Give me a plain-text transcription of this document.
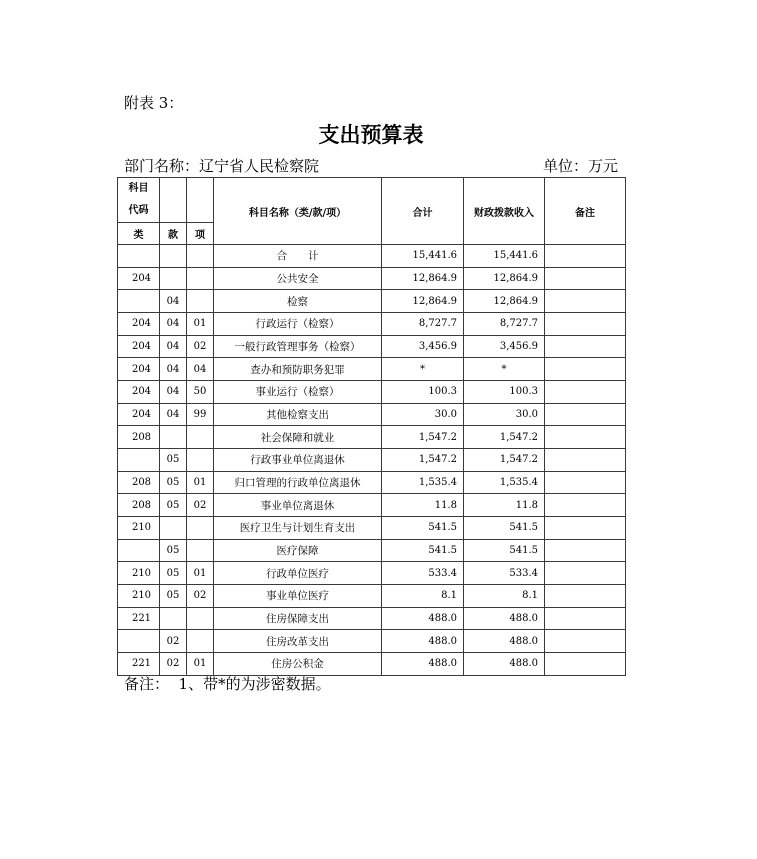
附表 3：
支出预算表
部门名称：辽宁省人民检察院	单位：万元
科目
代码			科目名称（类/款/项）	合计	财政拨款收入	备注
类	款	项				
			合　　计	15,441.6	15,441.6	
204			公共安全	12,864.9	12,864.9	
	04		检察	12,864.9	12,864.9	
204	04	01	行政运行（检察）	8,727.7	8,727.7	
204	04	02	一般行政管理事务（检察）	3,456.9	3,456.9	
204	04	04	查办和预防职务犯罪	*	*	
204	04	50	事业运行（检察）	100.3	100.3	
204	04	99	其他检察支出	30.0	30.0	
208			社会保障和就业	1,547.2	1,547.2	
	05		行政事业单位离退休	1,547.2	1,547.2	
208	05	01	归口管理的行政单位离退休	1,535.4	1,535.4	
208	05	02	事业单位离退休	11.8	11.8	
210			医疗卫生与计划生育支出	541.5	541.5	
	05		医疗保障	541.5	541.5	
210	05	01	行政单位医疗	533.4	533.4	
210	05	02	事业单位医疗	8.1	8.1	
221			住房保障支出	488.0	488.0	
	02		住房改革支出	488.0	488.0	
221	02	01	住房公积金	488.0	488.0	
备注：  1、带*的为涉密数据。
